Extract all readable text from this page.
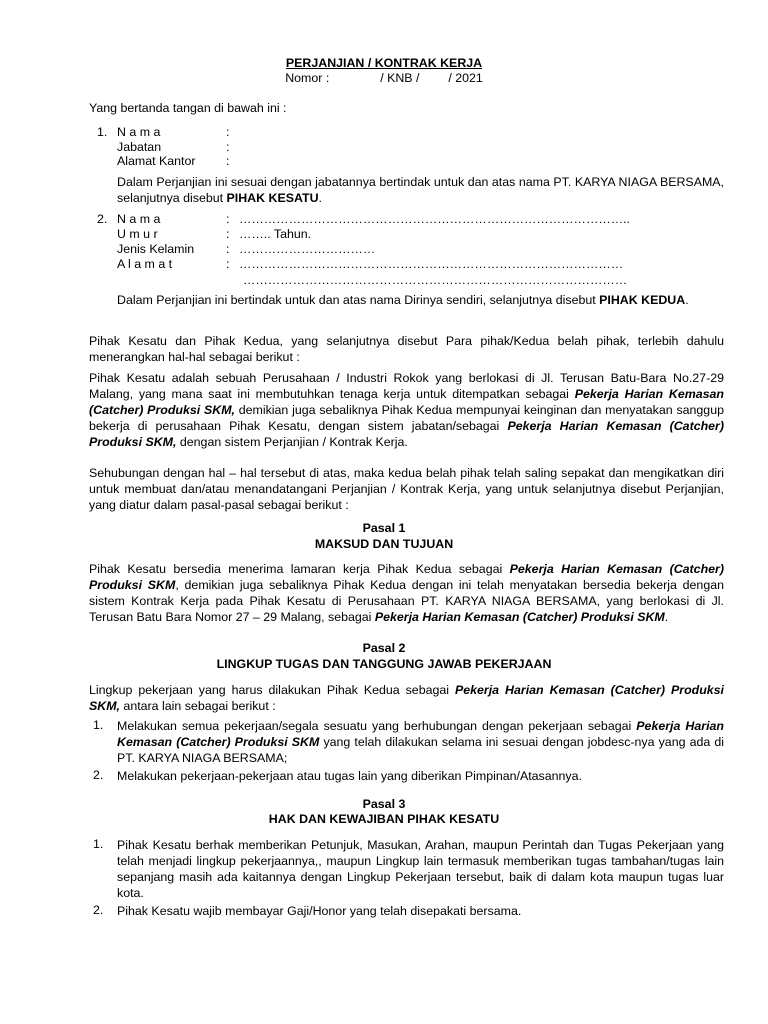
PERJANJIAN / KONTRAK KERJA
Nomor :	/ KNB / / 2021
Yang bertanda tangan di bawah ini :
1. N a m a	:
Jabatan	:
Alamat Kantor :
Dalam Perjanjian ini sesuai dengan jabatannya bertindak untuk dan atas nama PT. KARYA NIAGA BERSAMA, selanjutnya disebut PIHAK KESATU.
2. N a m a	: …………………………………………………………………………………..
U m u r	: …….. Tahun.
Jenis Kelamin	: ……………………………
A l a m a t	: …………………………………………………………………………………
…………………………………………………………………………………
Dalam Perjanjian ini bertindak untuk dan atas nama Dirinya sendiri, selanjutnya disebut PIHAK KEDUA.
Pihak Kesatu dan Pihak Kedua, yang selanjutnya disebut Para pihak/Kedua belah pihak, terlebih dahulu menerangkan hal-hal sebagai berikut :
Pihak Kesatu adalah sebuah Perusahaan / Industri Rokok yang berlokasi di Jl. Terusan Batu-Bara No.27-29 Malang, yang mana saat ini membutuhkan tenaga kerja untuk ditempatkan sebagai Pekerja Harian Kemasan (Catcher) Produksi SKM, demikian juga sebaliknya Pihak Kedua mempunyai keinginan dan menyatakan sanggup bekerja di perusahaan Pihak Kesatu, dengan sistem jabatan/sebagai Pekerja Harian Kemasan (Catcher) Produksi SKM, dengan sistem Perjanjian / Kontrak Kerja.
Sehubungan dengan hal – hal tersebut di atas, maka kedua belah pihak telah saling sepakat dan mengikatkan diri untuk membuat dan/atau menandatangani Perjanjian / Kontrak Kerja, yang untuk selanjutnya disebut Perjanjian, yang diatur dalam pasal-pasal sebagai berikut :
Pasal 1
MAKSUD DAN TUJUAN
Pihak Kesatu bersedia menerima lamaran kerja Pihak Kedua sebagai Pekerja Harian Kemasan (Catcher) Produksi SKM, demikian juga sebaliknya Pihak Kedua dengan ini telah menyatakan bersedia bekerja dengan sistem Kontrak Kerja pada Pihak Kesatu di Perusahaan PT. KARYA NIAGA BERSAMA, yang berlokasi di Jl. Terusan Batu Bara Nomor 27 – 29 Malang, sebagai Pekerja Harian Kemasan (Catcher) Produksi SKM.
Pasal 2
LINGKUP TUGAS DAN TANGGUNG JAWAB PEKERJAAN
Lingkup pekerjaan yang harus dilakukan Pihak Kedua sebagai Pekerja Harian Kemasan (Catcher) Produksi SKM, antara lain sebagai berikut :
1. Melakukan semua pekerjaan/segala sesuatu yang berhubungan dengan pekerjaan sebagai Pekerja Harian Kemasan (Catcher) Produksi SKM yang telah dilakukan selama ini sesuai dengan jobdesc-nya yang ada di PT. KARYA NIAGA BERSAMA;
2. Melakukan pekerjaan-pekerjaan atau tugas lain yang diberikan Pimpinan/Atasannya.
Pasal 3
HAK DAN KEWAJIBAN PIHAK KESATU
1. Pihak Kesatu berhak memberikan Petunjuk, Masukan, Arahan, maupun Perintah dan Tugas Pekerjaan yang telah menjadi lingkup pekerjaannya,, maupun Lingkup lain termasuk memberikan tugas tambahan/tugas lain sepanjang masih ada kaitannya dengan Lingkup Pekerjaan tersebut, baik di dalam kota maupun tugas luar kota.
2. Pihak Kesatu wajib membayar Gaji/Honor yang telah disepakati bersama.
